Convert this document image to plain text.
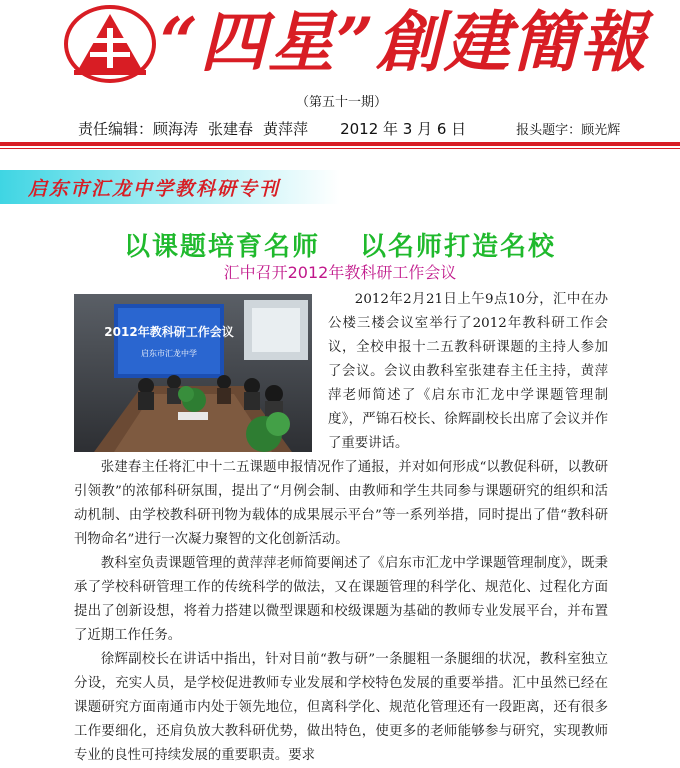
“四星”創建簡報
（第五十一期）
责任编辑：顾海涛 张建春 黄萍萍 2012 年 3 月 6 日	报头题字：顾光辉
启东市汇龙中学教科研专刊
以课题培育名师 以名师打造名校
汇中召开2012年教科研工作会议
2012年教科研工作会议
启东市汇龙中学

2012年2月21日上午9点10分，汇中在办公楼三楼会议室举行了2012年教科研工作会议，全校申报十二五教科研课题的主持人参加了会议。会议由教科室张建春主任主持，黄萍萍老师简述了《启东市汇龙中学课题管理制度》，严锦石校长、徐辉副校长出席了会议并作了重要讲话。

张建春主任将汇中十二五课题申报情况作了通报，并对如何形成“以教促科研，以教研引领教”的浓郁科研氛围，提出了“月例会制、由教师和学生共同参与课题研究的组织和活动机制、由学校教科研刊物为载体的成果展示平台”等一系列举措，同时提出了借“教科研刊物命名”进行一次凝力聚智的文化创新活动。

教科室负责课题管理的黄萍萍老师简要阐述了《启东市汇龙中学课题管理制度》，既秉承了学校科研管理工作的传统科学的做法，又在课题管理的科学化、规范化、过程化方面提出了创新设想，将着力搭建以微型课题和校级课题为基础的教师专业发展平台，并布置了近期工作任务。

徐辉副校长在讲话中指出，针对目前“教与研”一条腿粗一条腿细的状况，教科室独立分设，充实人员，是学校促进教师专业发展和学校特色发展的重要举措。汇中虽然已经在课题研究方面南通市内处于领先地位，但离科学化、规范化管理还有一段距离，还有很多工作要细化，还肩负放大教科研优势，做出特色，使更多的老师能够参与研究，实现教师专业的良性可持续发展的重要职责。要求
